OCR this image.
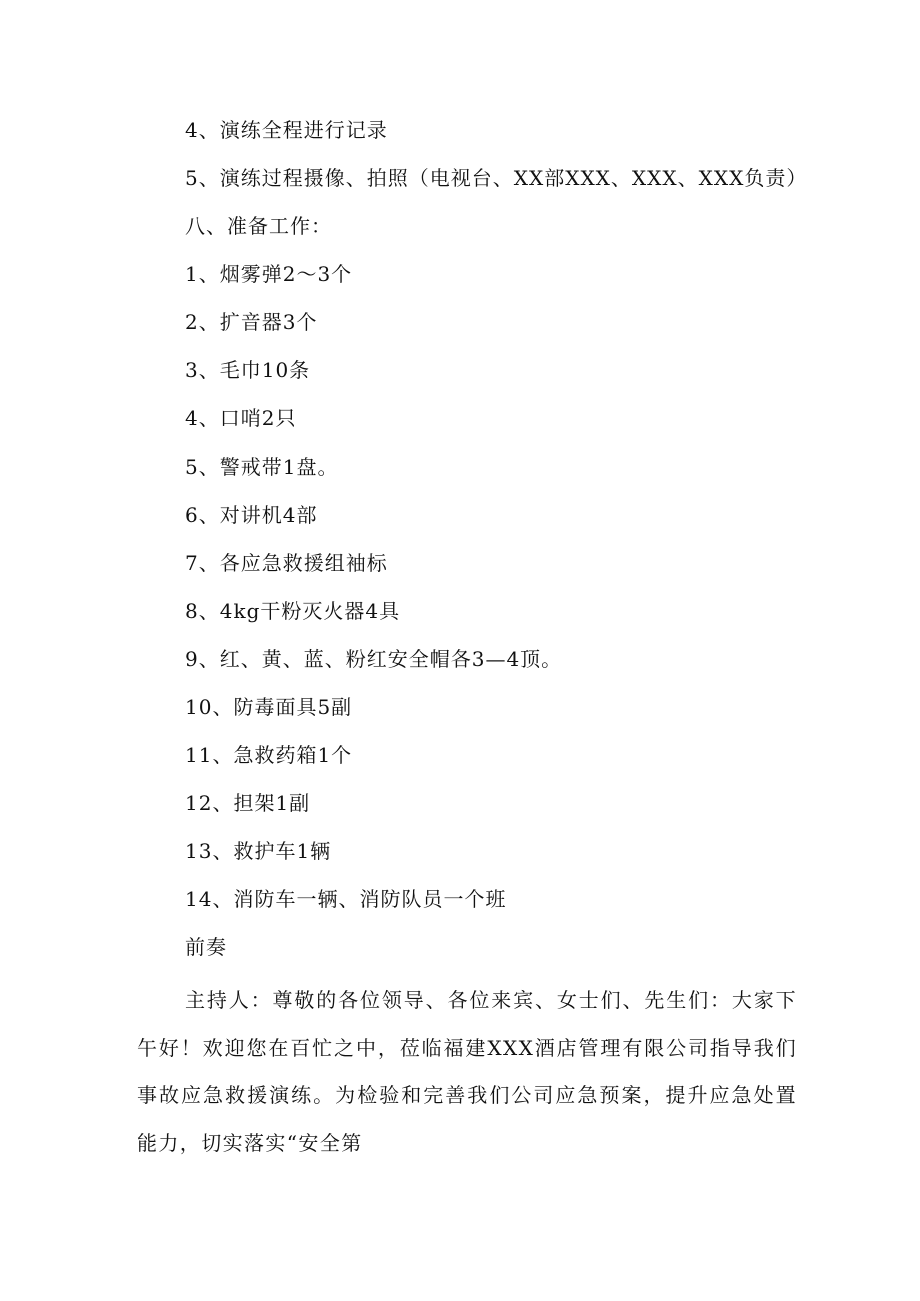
4、演练全程进行记录
5、演练过程摄像、拍照（电视台、XX部XXX、XXX、XXX负责）
八、准备工作：
1、烟雾弹2～3个
2、扩音器3个
3、毛巾10条
4、口哨2只
5、警戒带1盘。
6、对讲机4部
7、各应急救援组袖标
8、4kg干粉灭火器4具
9、红、黄、蓝、粉红安全帽各3—4顶。
10、防毒面具5副
11、急救药箱1个
12、担架1副
13、救护车1辆
14、消防车一辆、消防队员一个班
前奏
主持人：尊敬的各位领导、各位来宾、女士们、先生们：大家下午好！欢迎您在百忙之中，莅临福建XXX酒店管理有限公司指导我们事故应急救援演练。为检验和完善我们公司应急预案，提升应急处置能力，切实落实“安全第
